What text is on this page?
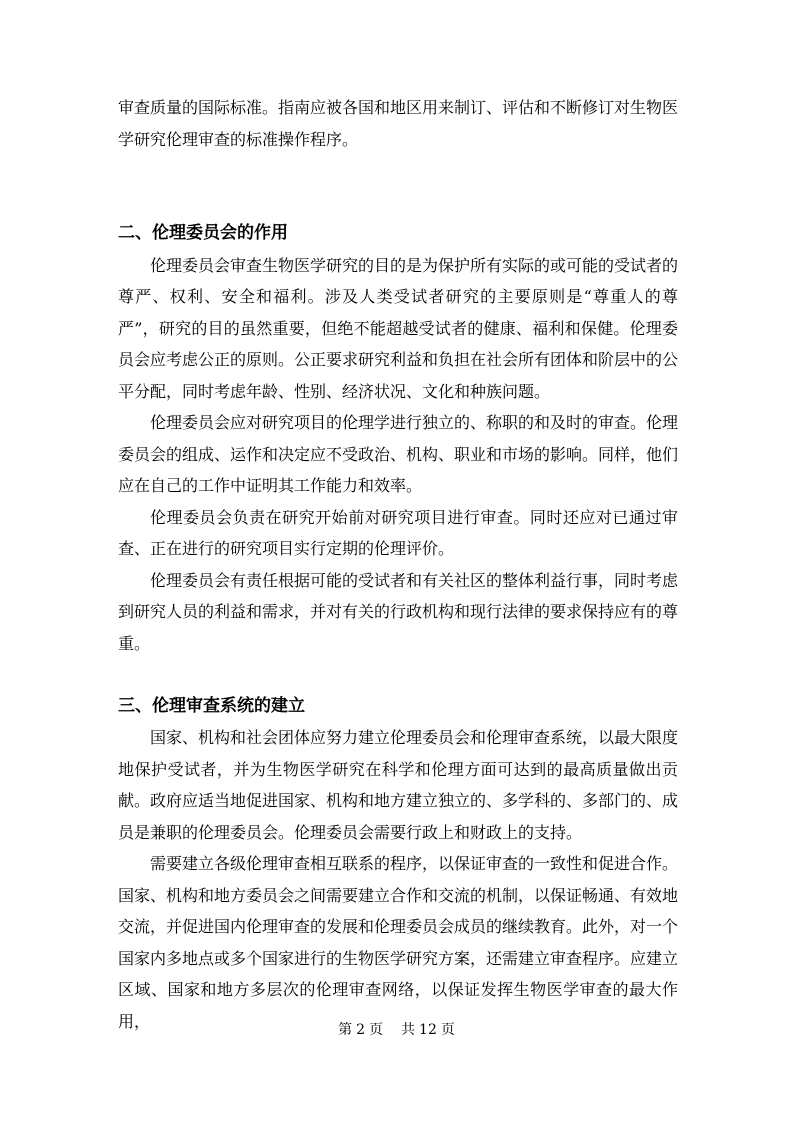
审查质量的国际标准。指南应被各国和地区用来制订、评估和不断修订对生物医学研究伦理审查的标准操作程序。

二、伦理委员会的作用

伦理委员会审查生物医学研究的目的是为保护所有实际的或可能的受试者的尊严、权利、安全和福利。涉及人类受试者研究的主要原则是“尊重人的尊严”，研究的目的虽然重要，但绝不能超越受试者的健康、福利和保健。伦理委员会应考虑公正的原则。公正要求研究利益和负担在社会所有团体和阶层中的公平分配，同时考虑年龄、性别、经济状况、文化和种族问题。

伦理委员会应对研究项目的伦理学进行独立的、称职的和及时的审查。伦理委员会的组成、运作和决定应不受政治、机构、职业和市场的影响。同样，他们应在自己的工作中证明其工作能力和效率。

伦理委员会负责在研究开始前对研究项目进行审查。同时还应对已通过审查、正在进行的研究项目实行定期的伦理评价。

伦理委员会有责任根据可能的受试者和有关社区的整体利益行事，同时考虑到研究人员的利益和需求，并对有关的行政机构和现行法律的要求保持应有的尊重。

三、伦理审查系统的建立

国家、机构和社会团体应努力建立伦理委员会和伦理审查系统，以最大限度地保护受试者，并为生物医学研究在科学和伦理方面可达到的最高质量做出贡献。政府应适当地促进国家、机构和地方建立独立的、多学科的、多部门的、成员是兼职的伦理委员会。伦理委员会需要行政上和财政上的支持。

需要建立各级伦理审查相互联系的程序，以保证审查的一致性和促进合作。国家、机构和地方委员会之间需要建立合作和交流的机制，以保证畅通、有效地交流，并促进国内伦理审查的发展和伦理委员会成员的继续教育。此外，对一个国家内多地点或多个国家进行的生物医学研究方案，还需建立审查程序。应建立区域、国家和地方多层次的伦理审查网络，以保证发挥生物医学审查的最大作用，	第 2 页 共 12 页
